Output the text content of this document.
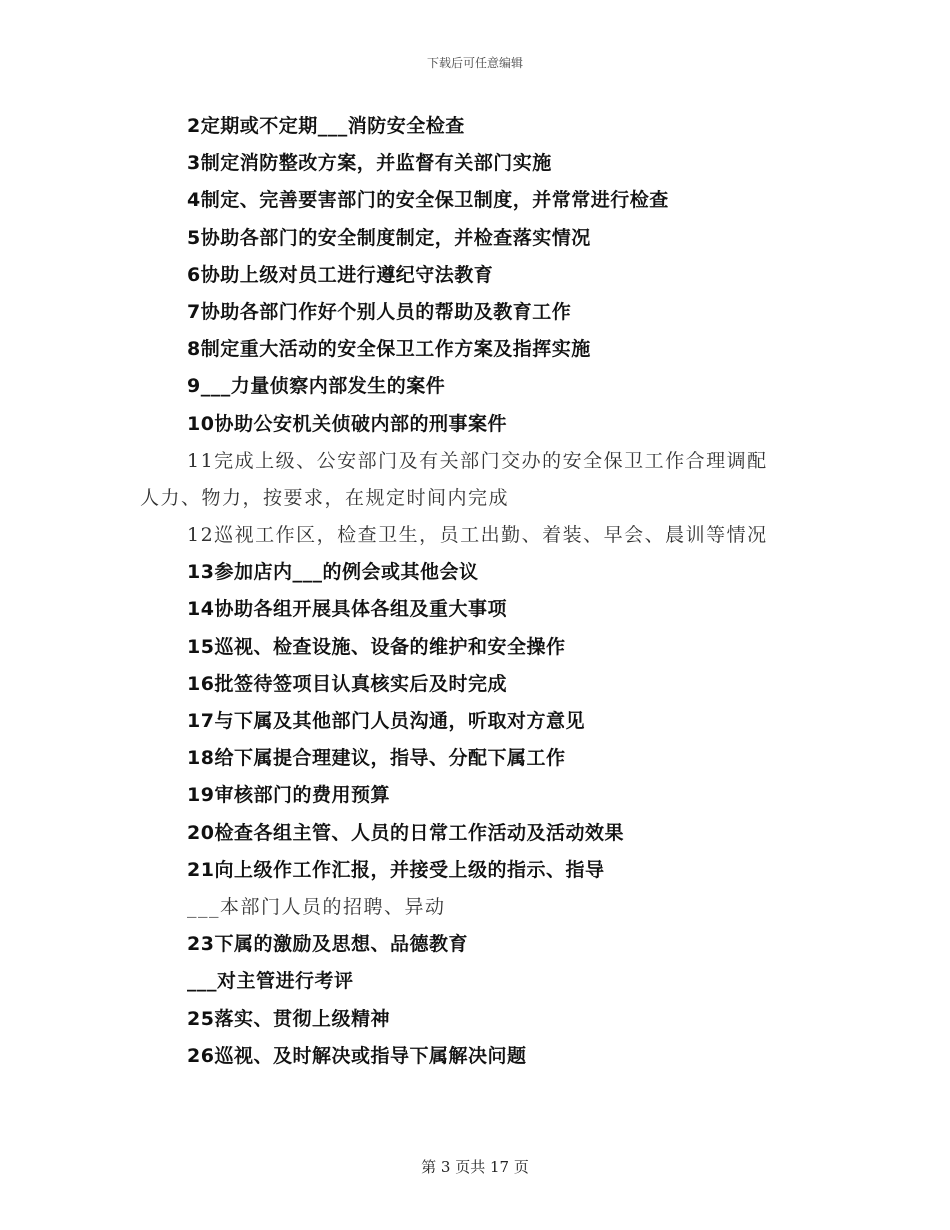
下载后可任意编辑
2定期或不定期___消防安全检查
3制定消防整改方案，并监督有关部门实施
4制定、完善要害部门的安全保卫制度，并常常进行检查
5协助各部门的安全制度制定，并检查落实情况
6协助上级对员工进行遵纪守法教育
7协助各部门作好个别人员的帮助及教育工作
8制定重大活动的安全保卫工作方案及指挥实施
9___力量侦察内部发生的案件
10协助公安机关侦破内部的刑事案件
11完成上级、公安部门及有关部门交办的安全保卫工作合理调配
人力、物力，按要求，在规定时间内完成
12巡视工作区，检查卫生，员工出勤、着装、早会、晨训等情况
13参加店内___的例会或其他会议
14协助各组开展具体各组及重大事项
15巡视、检查设施、设备的维护和安全操作
16批签待签项目认真核实后及时完成
17与下属及其他部门人员沟通，听取对方意见
18给下属提合理建议，指导、分配下属工作
19审核部门的费用预算
20检查各组主管、人员的日常工作活动及活动效果
21向上级作工作汇报，并接受上级的指示、指导
___本部门人员的招聘、异动
23下属的激励及思想、品德教育
___对主管进行考评
25落实、贯彻上级精神
26巡视、及时解决或指导下属解决问题
第 3 页共 17 页
